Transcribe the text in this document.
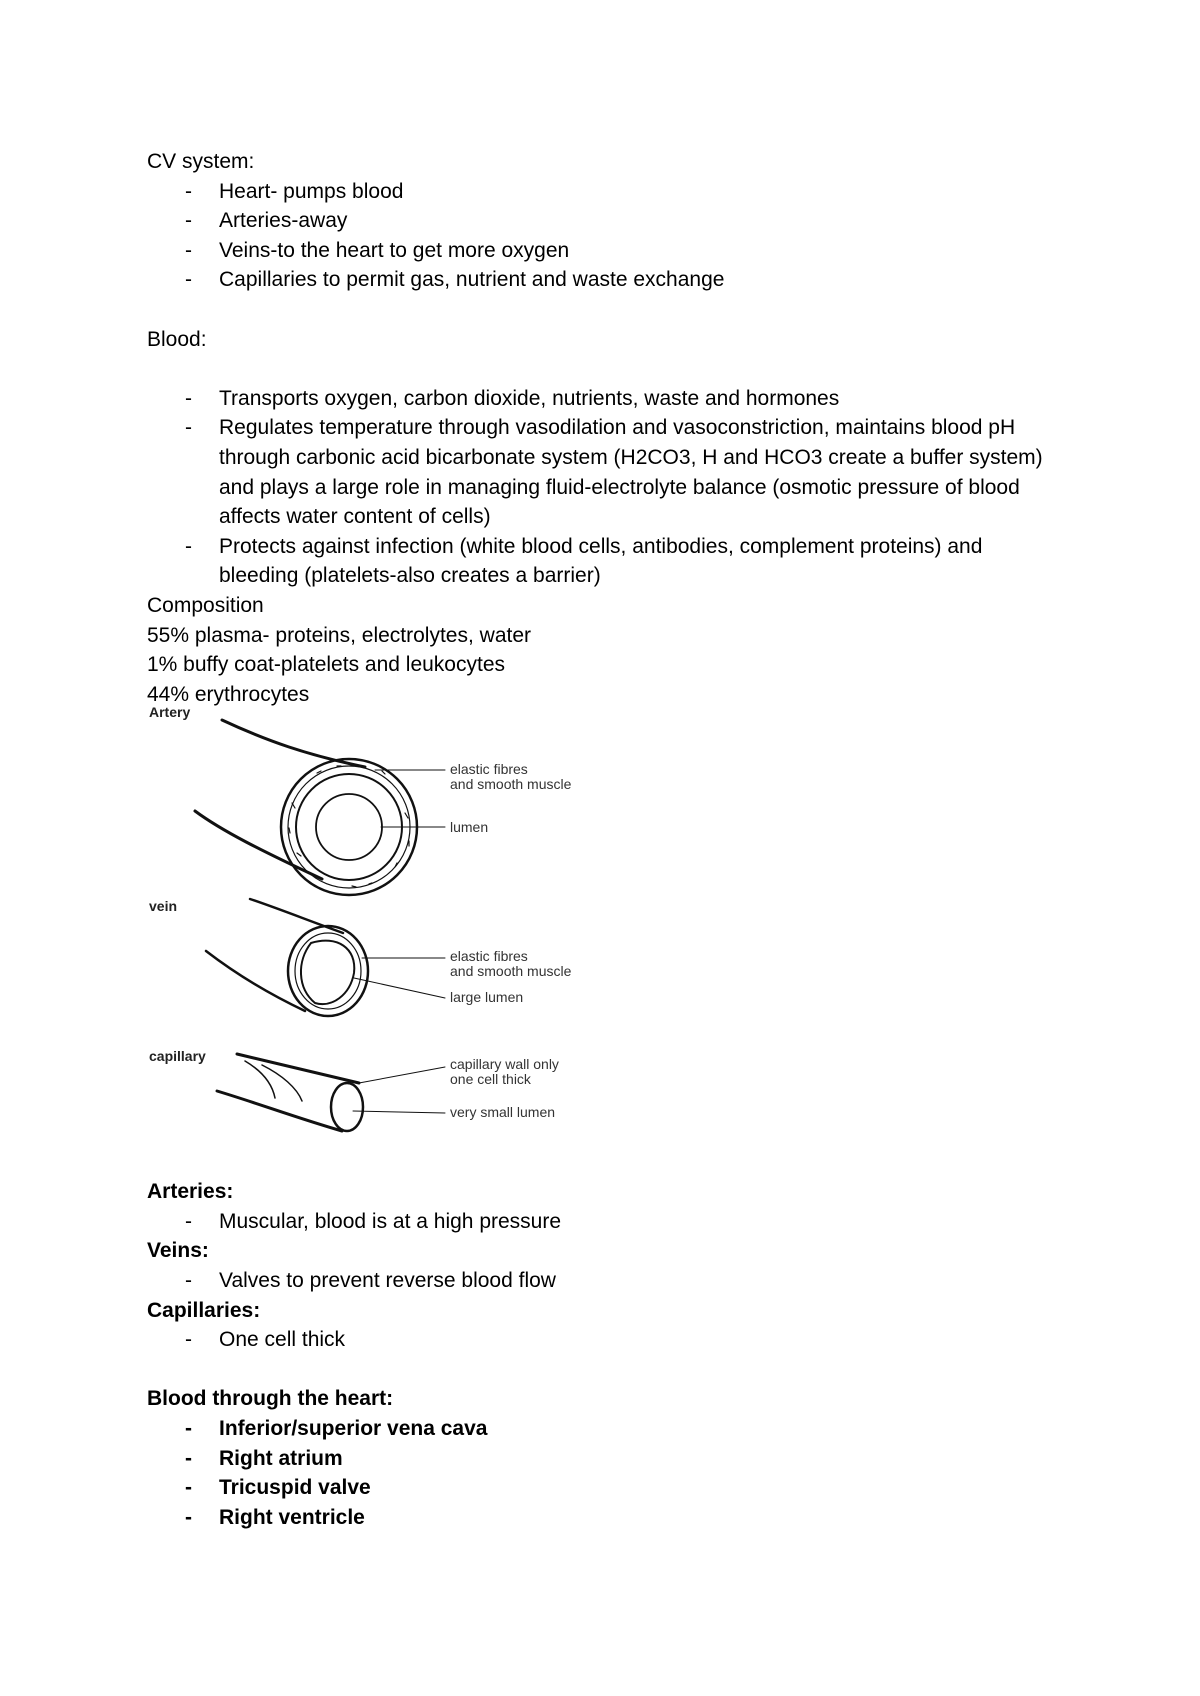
CV system:

- Heart- pumps blood
- Arteries-away
- Veins-to the heart to get more oxygen
- Capillaries to permit gas, nutrient and waste exchange

Blood:

- Transports oxygen, carbon dioxide, nutrients, waste and hormones
- Regulates temperature through vasodilation and vasoconstriction, maintains blood pH through carbonic acid bicarbonate system (H2CO3, H and HCO3 create a buffer system) and plays a large role in managing fluid-electrolyte balance (osmotic pressure of blood affects water content of cells)
- Protects against infection (white blood cells, antibodies, complement proteins) and bleeding (platelets-also creates a barrier)

Composition

55% plasma- proteins, electrolytes, water

1% buffy coat-platelets and leukocytes

44% erythrocytes

Artery
elastic fibres
and smooth muscle
lumen
vein
elastic fibres
and smooth muscle
large lumen
capillary	capillary wall only
one cell thick
very small lumen

Arteries:

- Muscular, blood is at a high pressure

Veins:

- Valves to prevent reverse blood flow

Capillaries:

- One cell thick

Blood through the heart:

- Inferior/superior vena cava
- Right atrium
- Tricuspid valve
- Right ventricle
